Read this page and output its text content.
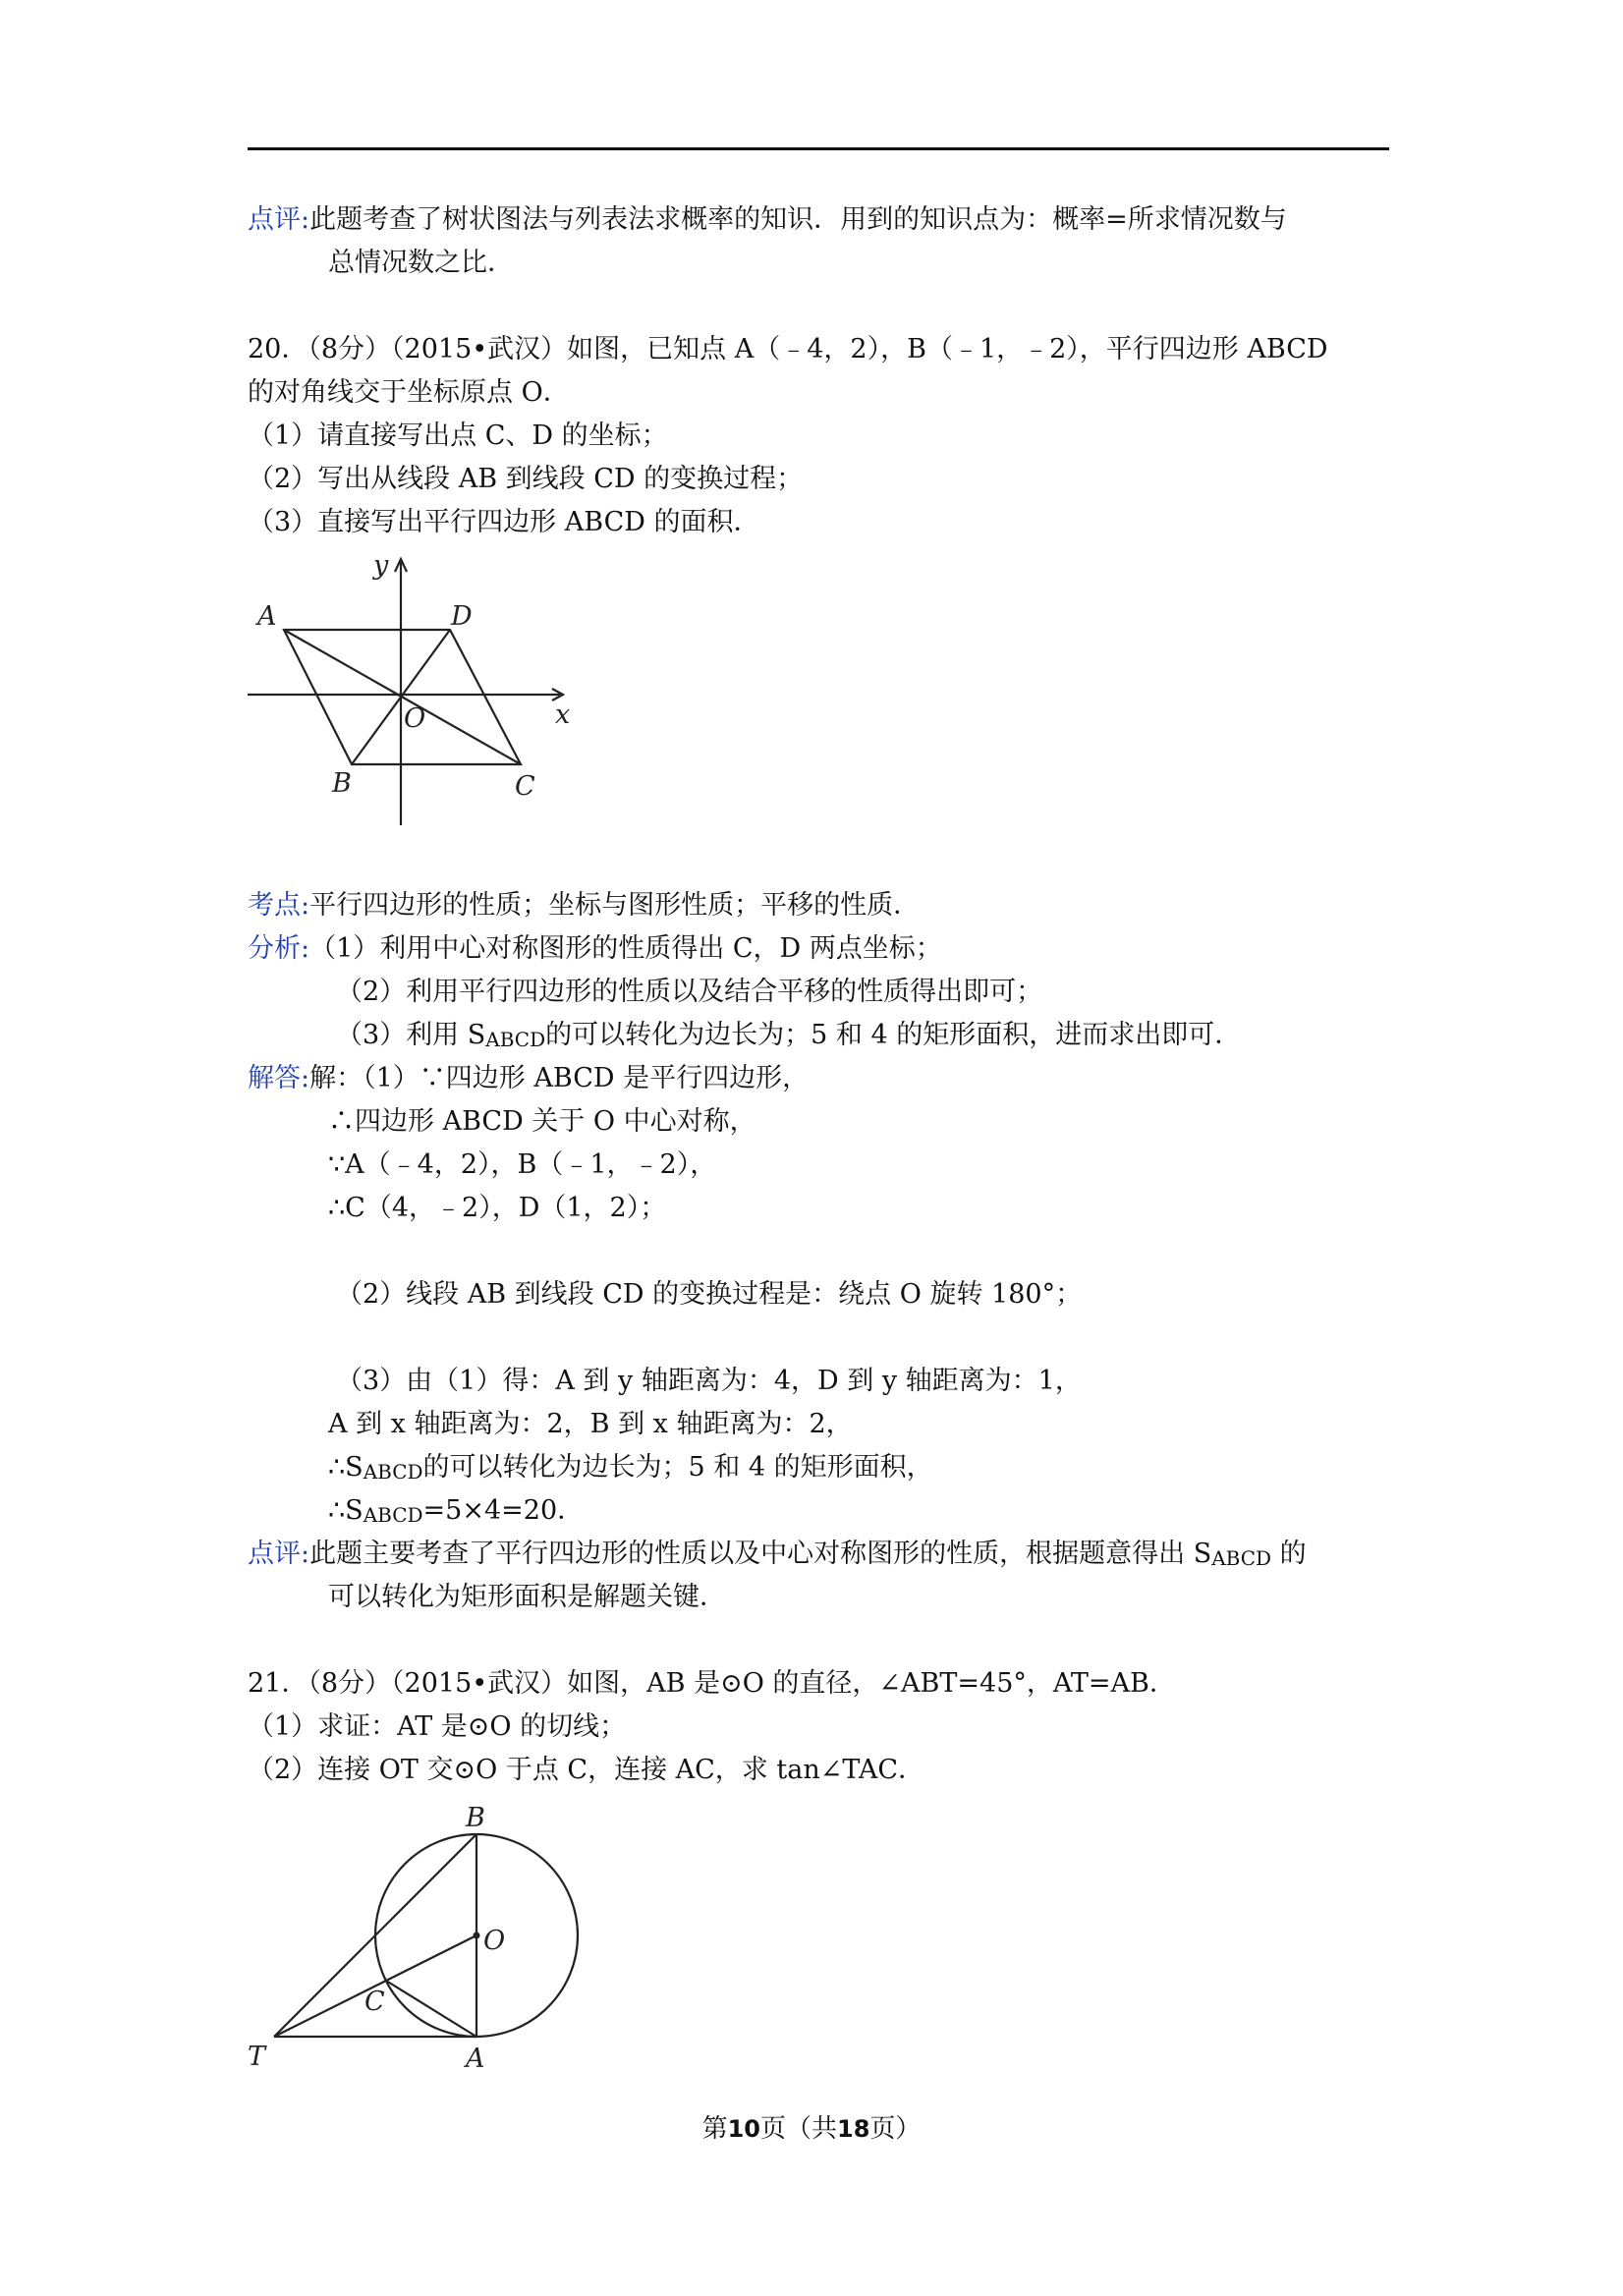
点评:此题考查了树状图法与列表法求概率的知识．用到的知识点为：概率=所求情况数与
总情况数之比．
20．（8分）（2015•武汉）如图，已知点 A（﹣4，2），B（﹣1，﹣2），平行四边形 ABCD
的对角线交于坐标原点 O．
（1）请直接写出点 C、D 的坐标；
（2）写出从线段 AB 到线段 CD 的变换过程；
（3）直接写出平行四边形 ABCD 的面积．
y
x
A	D
O
B	C
考点:平行四边形的性质；坐标与图形性质；平移的性质．
分析:（1）利用中心对称图形的性质得出 C，D 两点坐标；
（2）利用平行四边形的性质以及结合平移的性质得出即可；
（3）利用 $S_{ABCD}$的可以转化为边长为；5 和 4 的矩形面积，进而求出即可．
解答:解：（1）∵四边形 ABCD 是平行四边形，
∴四边形 ABCD 关于 O 中心对称，
∵A（﹣4，2），B（﹣1，﹣2），
∴C（4，﹣2），D（1，2）；
（2）线段 AB 到线段 CD 的变换过程是：绕点 O 旋转 180°；
（3）由（1）得：A 到 y 轴距离为：4，D 到 y 轴距离为：1，
A 到 x 轴距离为：2，B 到 x 轴距离为：2，
$\therefore S_{ABCD}$的可以转化为边长为；5 和 4 的矩形面积，
$\therefore S_{ABCD}=5\times 4=20$．
点评:此题主要考查了平行四边形的性质以及中心对称图形的性质，根据题意得出 $S_{ABCD}$ 的
可以转化为矩形面积是解题关键．
21．（8分）（2015•武汉）如图，AB 是⊙O 的直径，∠ABT=45°，AT=AB．
（1）求证：AT 是⊙O 的切线；
（2）连接 OT 交⊙O 于点 C，连接 AC，求 tan∠TAC．
B
O
C
T	A
第10页（共18页）
